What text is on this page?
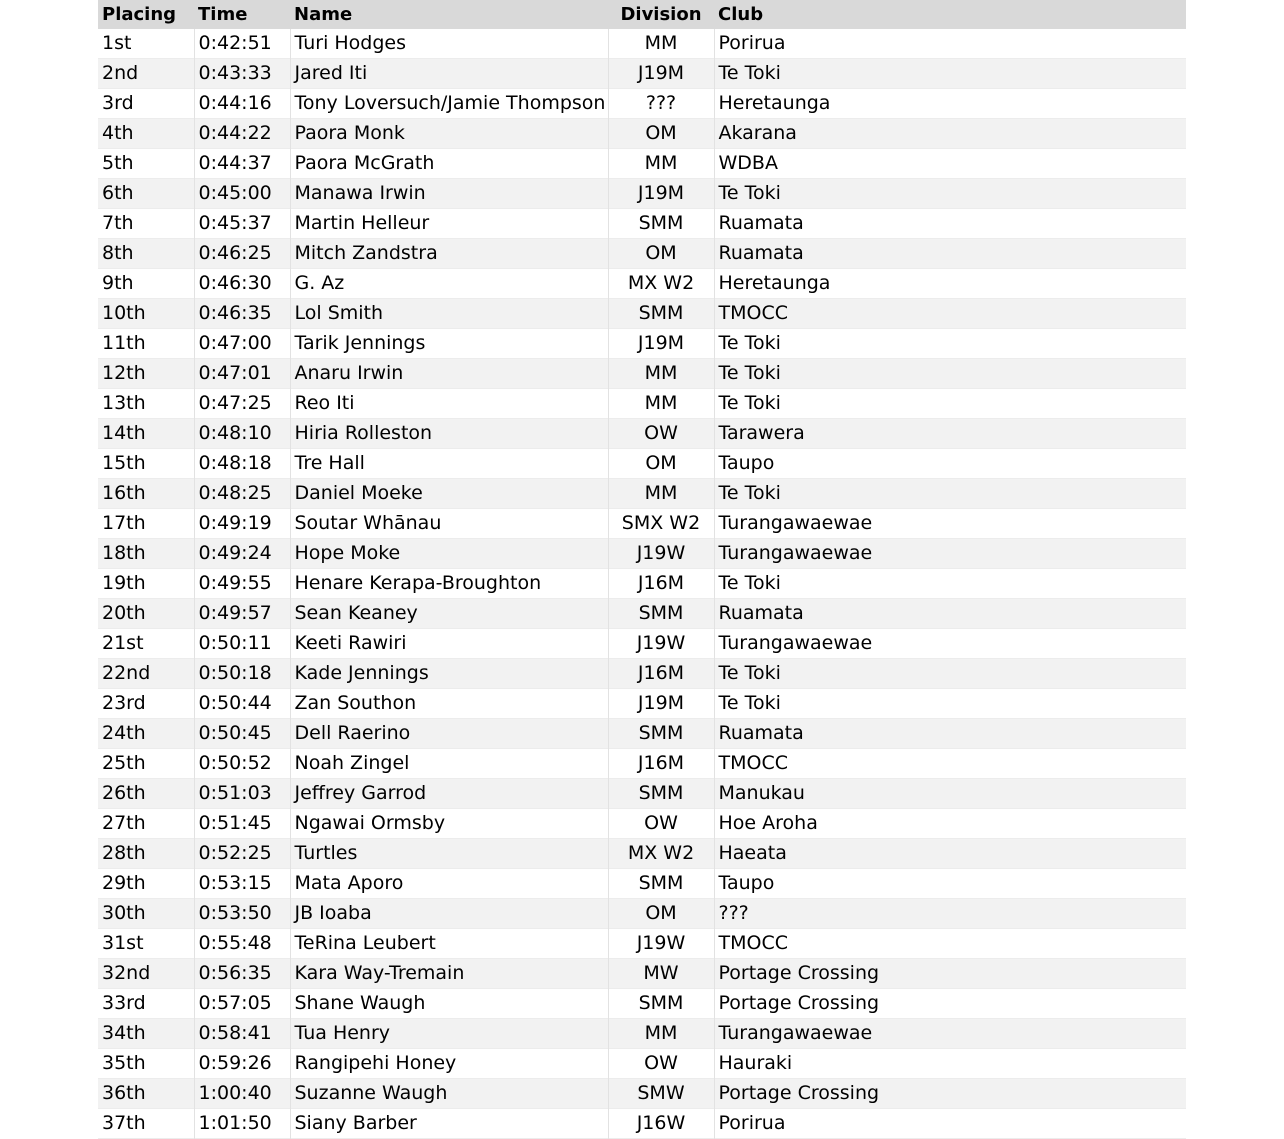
Placing	Time	Name	Division	Club
1st	0:42:51	Turi Hodges	MM	Porirua
2nd	0:43:33	Jared Iti	J19M	Te Toki
3rd	0:44:16	Tony Loversuch/Jamie Thompson	???	Heretaunga
4th	0:44:22	Paora Monk	OM	Akarana
5th	0:44:37	Paora McGrath	MM	WDBA
6th	0:45:00	Manawa Irwin	J19M	Te Toki
7th	0:45:37	Martin Helleur	SMM	Ruamata
8th	0:46:25	Mitch Zandstra	OM	Ruamata
9th	0:46:30	G. Az	MX W2	Heretaunga
10th	0:46:35	Lol Smith	SMM	TMOCC
11th	0:47:00	Tarik Jennings	J19M	Te Toki
12th	0:47:01	Anaru Irwin	MM	Te Toki
13th	0:47:25	Reo Iti	MM	Te Toki
14th	0:48:10	Hiria Rolleston	OW	Tarawera
15th	0:48:18	Tre Hall	OM	Taupo
16th	0:48:25	Daniel Moeke	MM	Te Toki
17th	0:49:19	Soutar Whānau	SMX W2	Turangawaewae
18th	0:49:24	Hope Moke	J19W	Turangawaewae
19th	0:49:55	Henare Kerapa-Broughton	J16M	Te Toki
20th	0:49:57	Sean Keaney	SMM	Ruamata
21st	0:50:11	Keeti Rawiri	J19W	Turangawaewae
22nd	0:50:18	Kade Jennings	J16M	Te Toki
23rd	0:50:44	Zan Southon	J19M	Te Toki
24th	0:50:45	Dell Raerino	SMM	Ruamata
25th	0:50:52	Noah Zingel	J16M	TMOCC
26th	0:51:03	Jeffrey Garrod	SMM	Manukau
27th	0:51:45	Ngawai Ormsby	OW	Hoe Aroha
28th	0:52:25	Turtles	MX W2	Haeata
29th	0:53:15	Mata Aporo	SMM	Taupo
30th	0:53:50	JB Ioaba	OM	???
31st	0:55:48	TeRina Leubert	J19W	TMOCC
32nd	0:56:35	Kara Way-Tremain	MW	Portage Crossing
33rd	0:57:05	Shane Waugh	SMM	Portage Crossing
34th	0:58:41	Tua Henry	MM	Turangawaewae
35th	0:59:26	Rangipehi Honey	OW	Hauraki
36th	1:00:40	Suzanne Waugh	SMW	Portage Crossing
37th	1:01:50	Siany Barber	J16W	Porirua
